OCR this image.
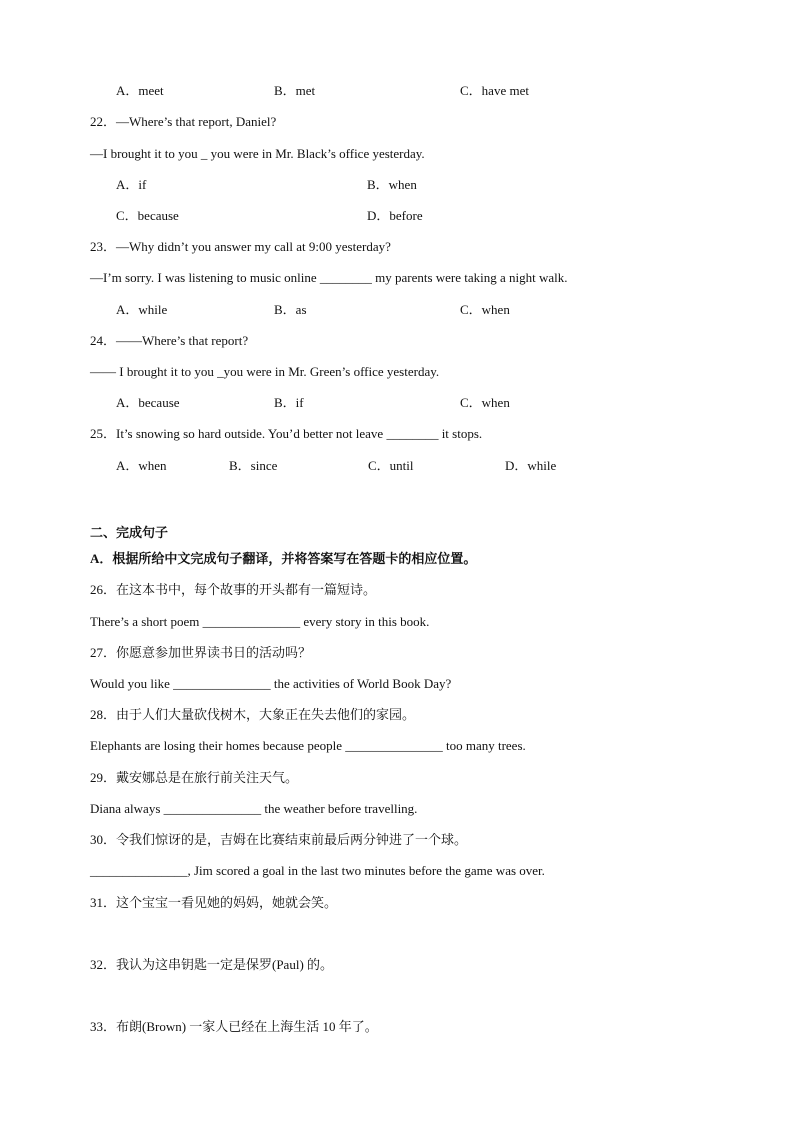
A．meet	B．met	C．have met
22．—Where’s that report, Daniel?
—I brought it to you _ you were in Mr. Black’s office yesterday.
A．if	B．when
C．because	D．before
23．—Why didn’t you answer my call at 9:00 yesterday?
—I’m sorry. I was listening to music online ________ my parents were taking a night walk.
A．while	B．as	C．when
24．——Where’s that report?
—— I brought it to you _you were in Mr. Green’s office yesterday.
A．because	B．if	C．when
25．It’s snowing so hard outside. You’d better not leave ________ it stops.
A．when	B．since	C．until	D．while
二、完成句子
A．根据所给中文完成句子翻译，并将答案写在答题卡的相应位置。
26．在这本书中，每个故事的开头都有一篇短诗。
There’s a short poem _______________ every story in this book.
27．你愿意参加世界读书日的活动吗？
Would you like _______________ the activities of World Book Day?
28．由于人们大量砍伐树木，大象正在失去他们的家园。
Elephants are losing their homes because people _______________ too many trees.
29．戴安娜总是在旅行前关注天气。
Diana always _______________ the weather before travelling.
30．令我们惊讶的是，吉姆在比赛结束前最后两分钟进了一个球。
_______________, Jim scored a goal in the last two minutes before the game was over.
31．这个宝宝一看见她的妈妈，她就会笑。
32．我认为这串钥匙一定是保罗(Paul) 的。
33．布朗(Brown) 一家人已经在上海生活 10 年了。
